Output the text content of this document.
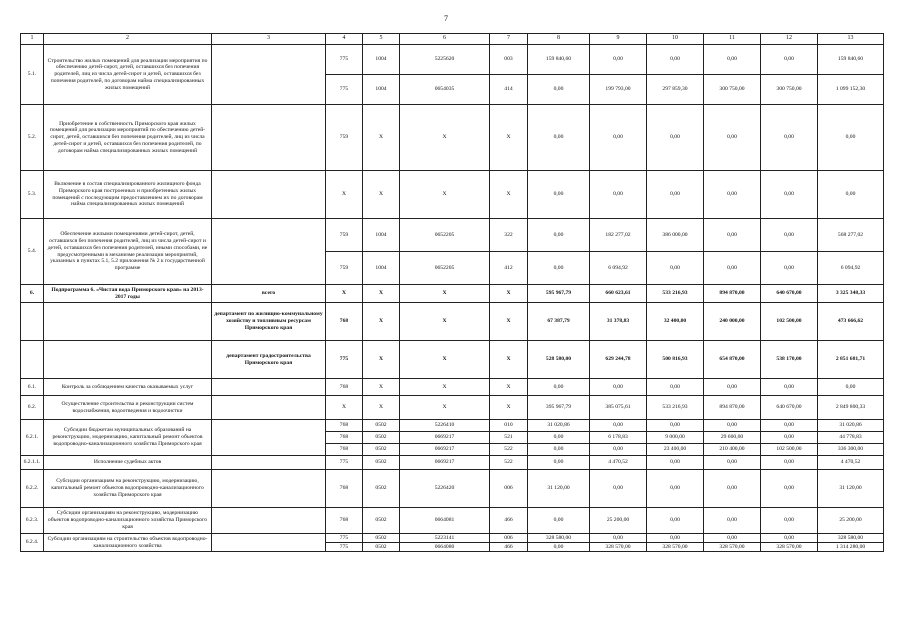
7
1	2	3	4	5	6	7	8	9	10	11	12	13
5.1.	Строительство жилых помещений для реализации мероприятия по обеспечению детей-сирот, детей, оставшихся без попечения родителей, лиц из числа детей-сирот и детей, оставшихся без попечения родителей, по договорам найма специализированных жилых помещений		775	1004	5225620	003	159 840,60	0,00	0,00	0,00	0,00	159 840,60
			775	1004	0654035	414	0,00	199 793,00	297 859,30	300 750,00	300 750,00	1 099 152,30
5.2.	Приобретение в собственность Приморского края жилых помещений для реализации мероприятий по обеспечению детей-сирот, детей, оставшихся без попечения родителей, лиц из числа детей-сирот и детей, оставшихся без попечения родителей, по договорам найма специализированных жилых помещений		759	X	X	X	0,00	0,00	0,00	0,00	0,00	0,00
5.3.	Включение в состав специализированного жилищного фонда Приморского края построенных и приобретенных жилых помещений с последующим предоставлением их по договорам найма специализированных жилых помещений		X	X	X	X	0,00	0,00	0,00	0,00	0,00	0,00
5.4.	Обеспечение жилыми помещениями детей-сирот, детей, оставшихся без попечения родителей, лиц из числа детей-сирот и детей, оставшихся без попечения родителей, иными способами, не предусмотренными в механизме реализации мероприятий, указанных в пунктах 5.1, 5.2 приложения № 2 к государственной программе		759	1004	0652205	322	0,00	182 277,02	386 000,00	0,00	0,00	568 277,02
			759	1004	0652205	412	0,00	6 094,92	0,00	0,00	0,00	6 094,92
6.	Подпрограмма 6. «Чистая вода Приморского края» на 2013- 2017 годы	всего	X	X	X	X	595 967,79	660 623,61	533 216,93	894 870,00	640 670,00	3 325 348,33
		департамент по жилищно-коммунальному хозяйству и топливным ресурсам Приморского края	768	X	X	X	67 387,79	31 378,83	32 400,00	240 000,00	102 500,00	473 666,62
		департамент градостроительства Приморского края	775	X	X	X	528 580,00	629 244,78	500 816,93	654 870,00	538 170,00	2 851 681,71
6.1.	Контроль за соблюдением качества оказываемых услуг		768	X	X	X	0,00	0,00	0,00	0,00	0,00	0,00
6.2.	Осуществление строительства и реконструкции систем водоснабжения, водоотведения и водоочистки		X	X	X	X	395 967,79	385 075,61	533 216,93	894 870,00	640 670,00	2 849 800,33
6.2.1.	Субсидии бюджетам муниципальных образований на реконструкцию, модернизацию, капитальный ремонт объектов водопроводно-канализационного хозяйства Приморского края		768	0502	5226410	010	31 020,86	0,00	0,00	0,00	0,00	31 020,86
			768	0502	0669217	521	0,00	6 178,83	9 000,00	29 600,00	0,00	44 778,83
			768	0502	0669217	522	0,00	0,00	23 400,00	210 400,00	102 500,00	336 300,00
6.2.1.1.	Исполнение судебных актов		775	0502	0669217	522	0,00	4 470,52	0,00	0,00	0,00	4 470,52
6.2.2.	Субсидии организациям на реконструкцию, модернизацию, капитальный ремонт объектов водопроводно-канализационного хозяйства Приморского края		768	0502	5226420	006	31 120,00	0,00	0,00	0,00	0,00	31 120,00
6.2.3.	Субсидии организациям на реконструкцию, модернизацию объектов водопроводно-канализационного хозяйства Приморского края		768	0502	0664081	466	0,00	25 200,00	0,00	0,00	0,00	25 200,00
6.2.4.	Субсидии организациям на строительство объектов водопроводно-канализационного хозяйства		775	0502	5223141	006	328 580,00	0,00	0,00	0,00	0,00	328 580,00
			775	0502	0664080	466	0,00	328 570,00	328 570,00	328 570,00	328 570,00	1 314 280,00
